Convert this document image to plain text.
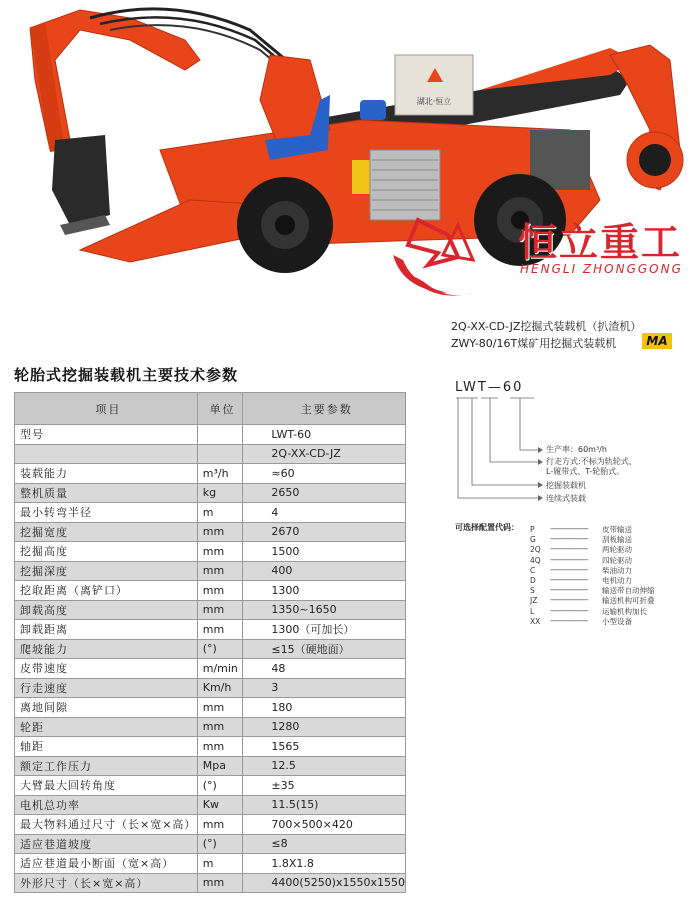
湖北·恒立
恒立重工
HENGLI ZHONGGONG
2Q-XX-CD-JZ挖掘式装载机（扒渣机）
ZWY-80/16T煤矿用挖掘式装载机	MA
轮胎式挖掘装载机主要技术参数
项目	单位	主要参数
型号		LWT-60
		2Q-XX-CD-JZ
装载能力	m³/h	≈60
整机质量	kg	2650
最小转弯半径	m	4
挖掘宽度	mm	2670
挖掘高度	mm	1500
挖掘深度	mm	400
挖取距离（离铲口）	mm	1300
卸载高度	mm	1350~1650
卸载距离	mm	1300（可加长）
爬坡能力	(°)	≤15（硬地面）
皮带速度	m/min	48
行走速度	Km/h	3
离地间隙	mm	180
轮距	mm	1280
轴距	mm	1565
额定工作压力	Mpa	12.5
大臂最大回转角度	(°)	±35
电机总功率	Kw	11.5(15)
最大物料通过尺寸（长×宽×高）	mm	700×500×420
适应巷道坡度	(°)	≤8
适应巷道最小断面（宽×高）	m	1.8X1.8
外形尺寸（长×宽×高）	mm	4400(5250)x1550x1550
LWT—60
生产率：60m³/h
行走方式:不标为轨轮式，
L-履带式、T-轮胎式。
挖掘装载机
连续式装载
可选择配置代码： P ---------------------- 皮带输送
G ---------------------- 刮板输送
2Q ---------------------- 两轮驱动
4Q ---------------------- 四轮驱动
C ---------------------- 柴油动力
D ---------------------- 电机动力
S ---------------------- 输送带自动伸缩
JZ ---------------------- 输送机构可折叠
L ---------------------- 运输机构加长
XX ---------------------- 小型设备
